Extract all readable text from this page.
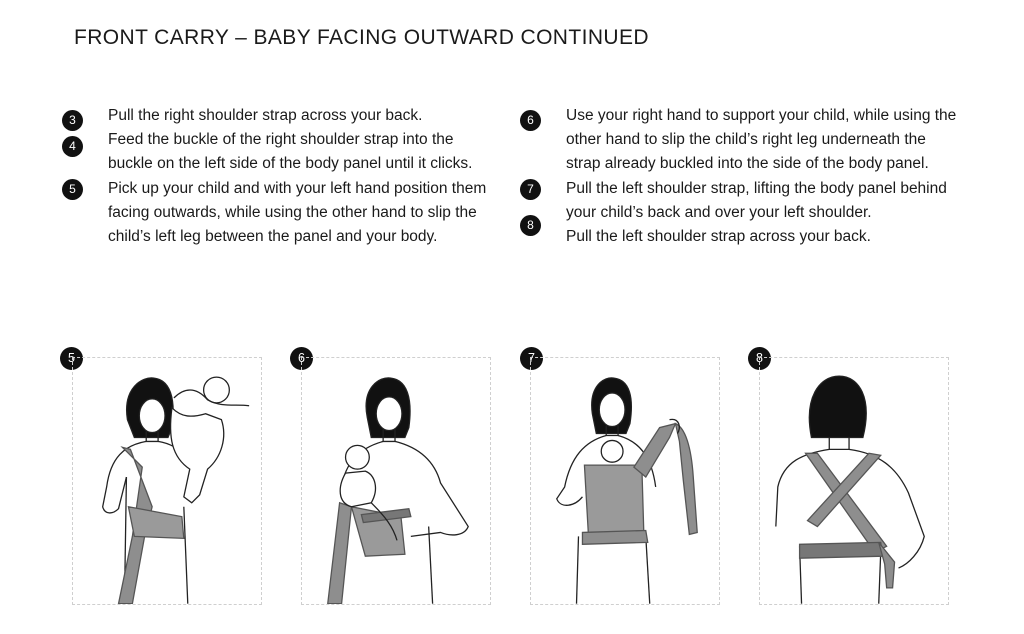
FRONT CARRY – BABY FACING OUTWARD CONTINUED
3	Pull the right shoulder strap across your back.
4	Feed the buckle of the right shoulder strap into the buckle on the left side of the body panel until it clicks.
5	Pick up your child and with your left hand position them facing outwards, while using the other hand to slip the child’s left leg between the panel and your body.
6	Use your right hand to support your child, while using the other hand to slip the child’s right leg underneath the strap already buckled into the side of the body panel.
7	Pull the left shoulder strap, lifting the body panel behind your child’s back and over your left shoulder.
8
Pull the left shoulder strap across your back.
5	6	7	8
